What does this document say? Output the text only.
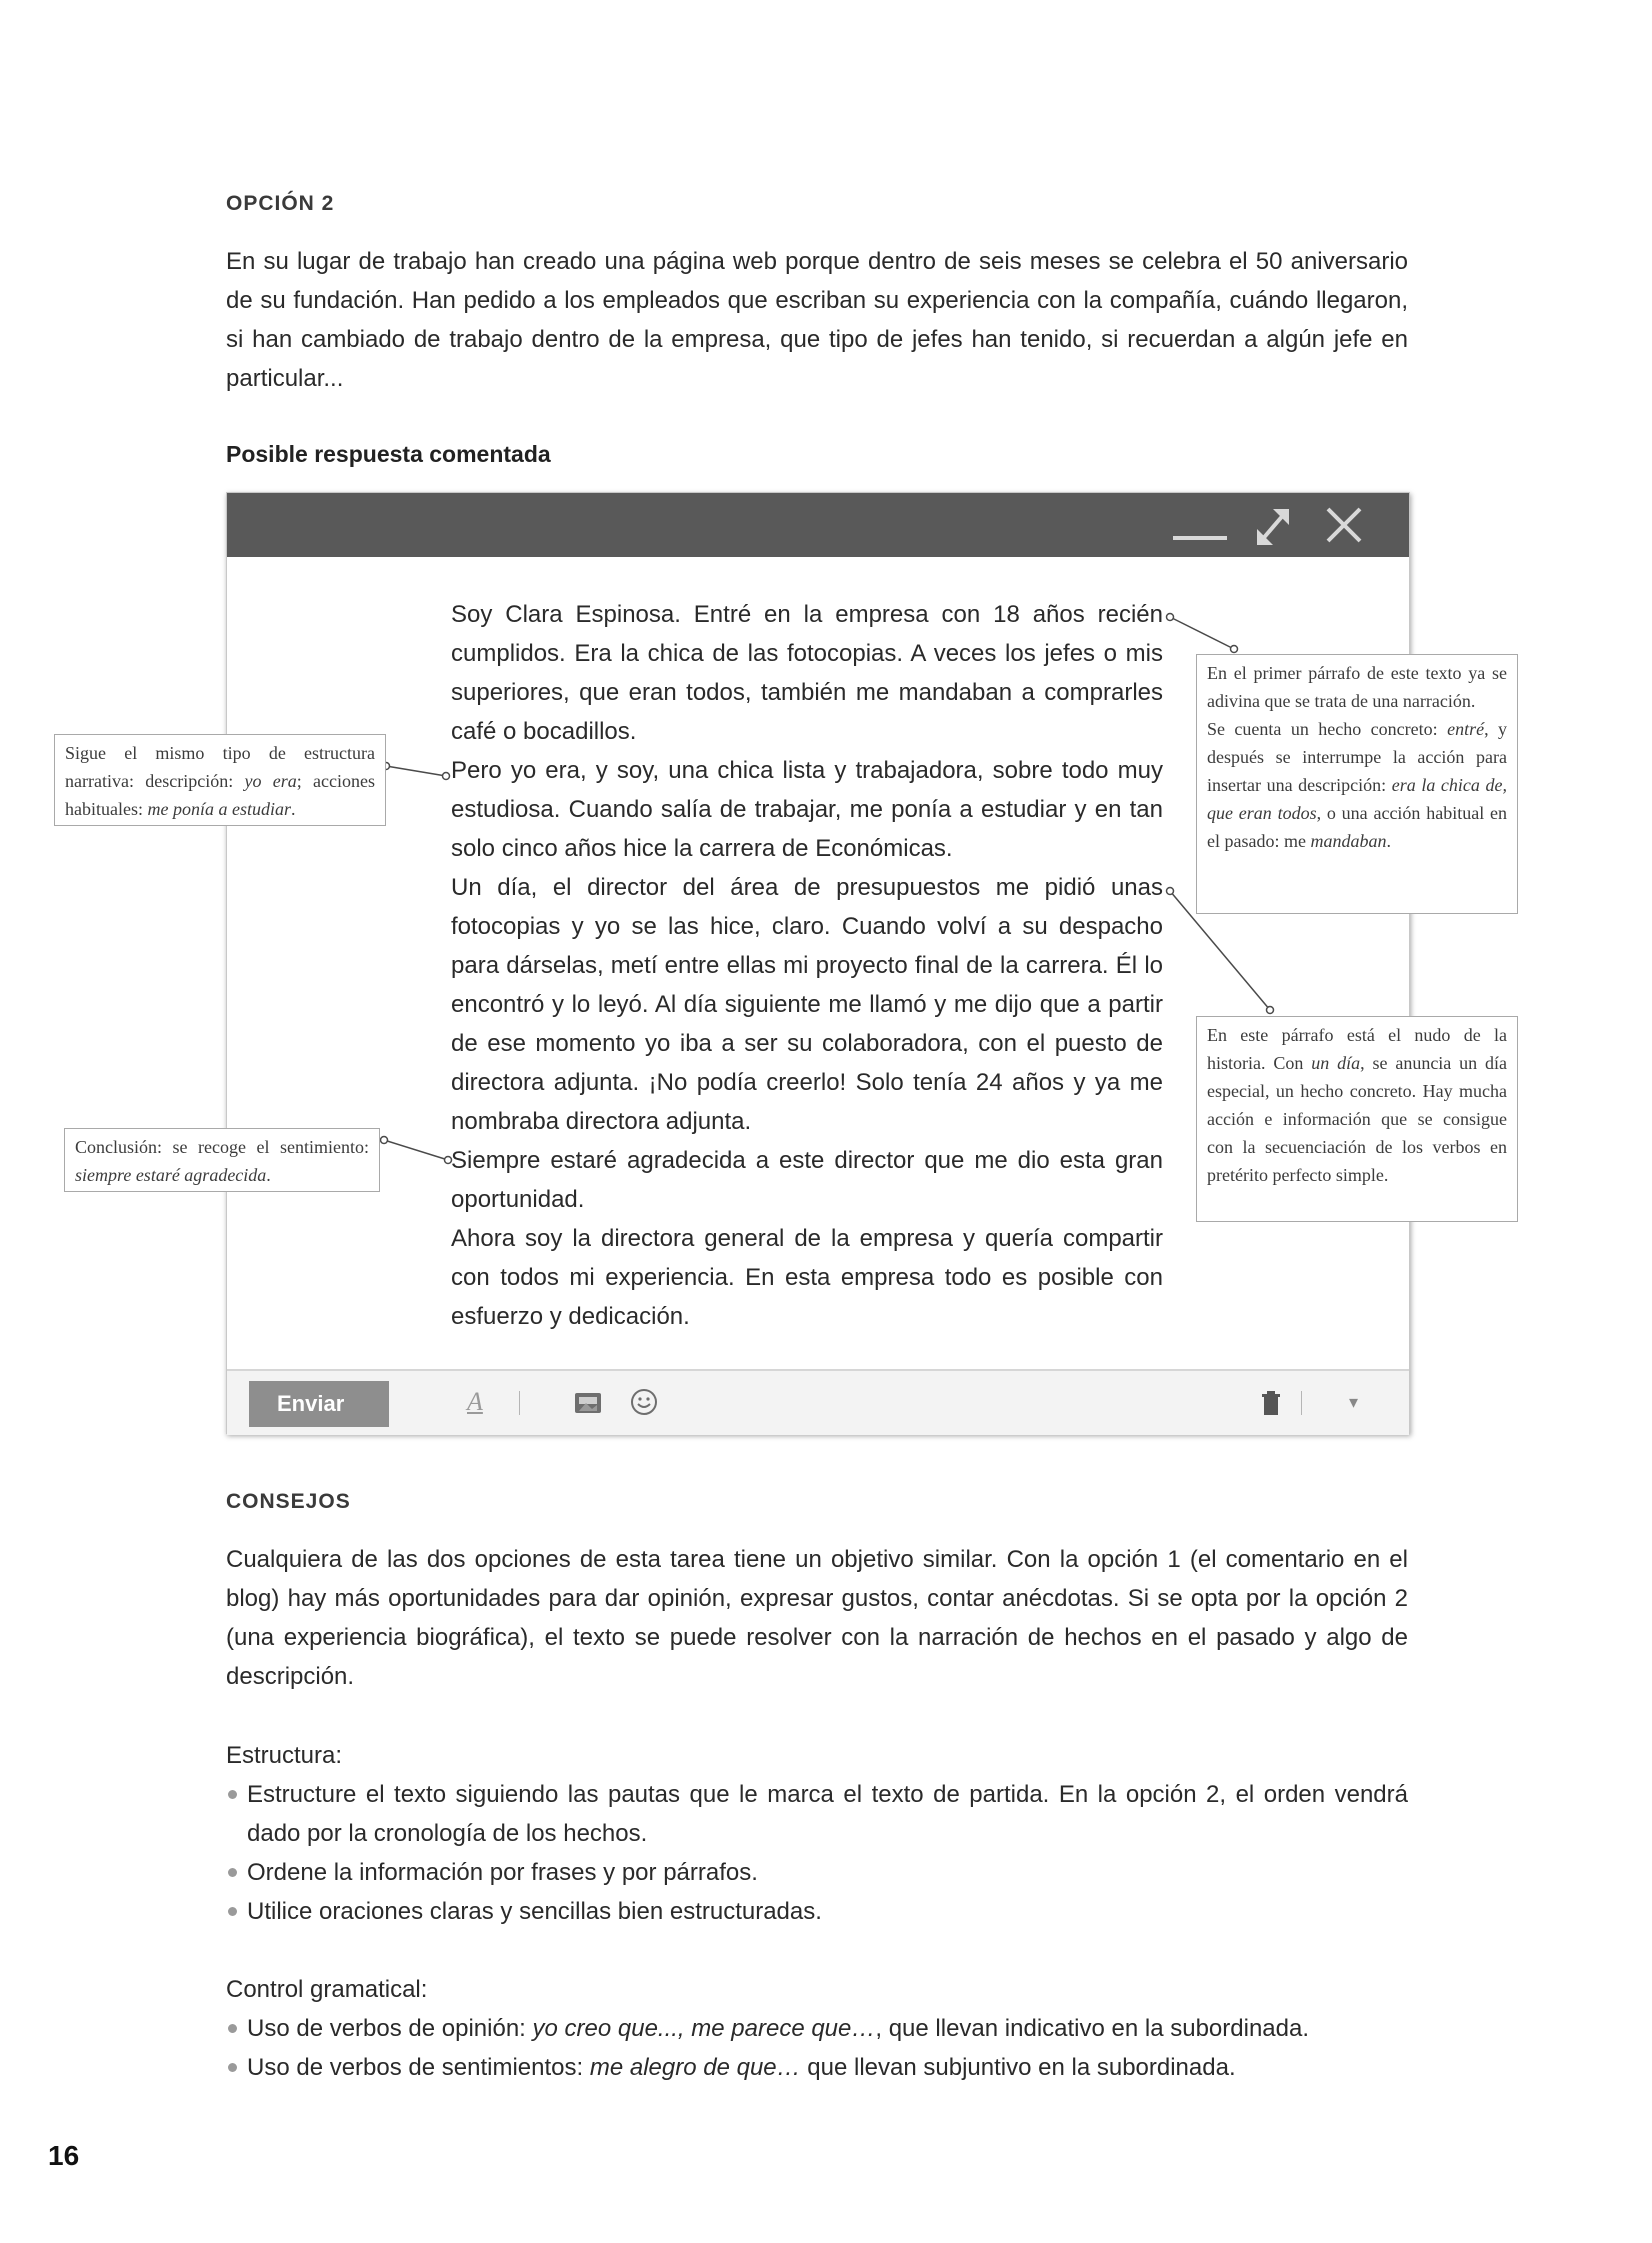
OPCIÓN 2
En su lugar de trabajo han creado una página web porque dentro de seis meses se celebra el 50 aniversario de su fundación. Han pedido a los empleados que escriban su experiencia con la compañía, cuándo llegaron, si han cambiado de trabajo dentro de la empresa, que tipo de jefes han tenido, si recuerdan a algún jefe en particular...
Posible respuesta comentada

Soy Clara Espinosa. Entré en la empresa con 18 años recién cumplidos. Era la chica de las fotocopias. A veces los jefes o mis superiores, que eran todos, también me mandaban a comprarles café o bocadillos.

Pero yo era, y soy, una chica lista y trabajadora, sobre todo muy estudiosa. Cuando salía de trabajar, me ponía a estudiar y en tan solo cinco años hice la carrera de Económicas.

Un día, el director del área de presupuestos me pidió unas fotocopias y yo se las hice, claro. Cuando volví a su despacho para dárselas, metí entre ellas mi proyecto final de la carrera. Él lo encontró y lo leyó. Al día siguiente me llamó y me dijo que a partir de ese momento yo iba a ser su colaboradora, con el puesto de directora adjunta. ¡No podía creerlo! Solo tenía 24 años y ya me nombraba directora adjunta.

Siempre estaré agradecida a este director que me dio esta gran oportunidad.

Ahora soy la directora general de la empresa y quería compartir con todos mi experiencia. En esta empresa todo es posible con esfuerzo y dedicación.

Enviar	A	▾
Sigue el mismo tipo de estructura narrativa: descripción: yo era; acciones habituales: me ponía a estudiar.
Conclusión: se recoge el sentimiento: siempre estaré agradecida.

En el primer párrafo de este texto ya se adivina que se trata de una narración.

Se cuenta un hecho concreto: entré, y después se interrumpe la acción para insertar una descripción: era la chica de, que eran todos, o una acción habitual en el pasado: me mandaban.

En este párrafo está el nudo de la historia. Con un día, se anuncia un día especial, un hecho concreto. Hay mucha acción e información que se consigue con la secuenciación de los verbos en pretérito perfecto simple.
CONSEJOS
Cualquiera de las dos opciones de esta tarea tiene un objetivo similar. Con la opción 1 (el comentario en el blog) hay más oportunidades para dar opinión, expresar gustos, contar anécdotas. Si se opta por la opción 2 (una experiencia biográfica), el texto se puede resolver con la narración de hechos en el pasado y algo de descripción.
Estructura:
Estructure el texto siguiendo las pautas que le marca el texto de partida. En la opción 2, el orden vendrá dado por la cronología de los hechos.
Ordene la información por frases y por párrafos.
Utilice oraciones claras y sencillas bien estructuradas.
Control gramatical:
Uso de verbos de opinión: yo creo que..., me parece que…, que llevan indicativo en la subordinada.
Uso de verbos de sentimientos: me alegro de que… que llevan subjuntivo en la subordinada.
16
